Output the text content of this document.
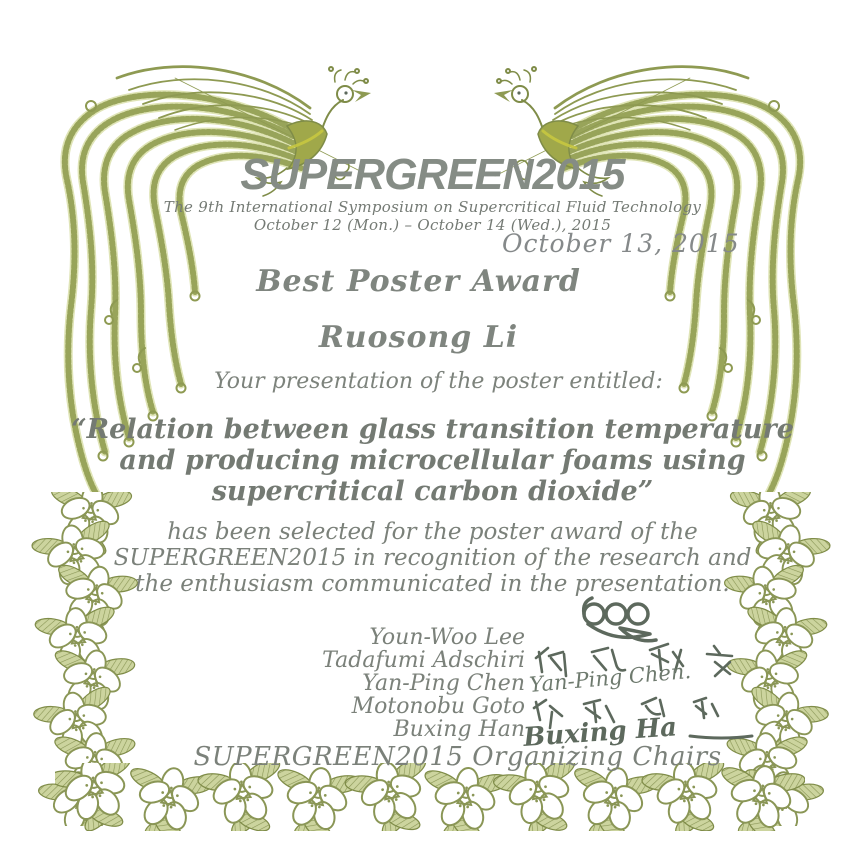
SUPERGREEN2015
The 9th International Symposium on Supercritical Fluid Technology
October 12 (Mon.) – October 14 (Wed.), 2015
October 13, 2015
Best Poster Award
Ruosong Li
Your presentation of the poster entitled:
“Relation between glass transition temperature
and producing microcellular foams using
supercritical carbon dioxide”
has been selected for the poster award of the
SUPERGREEN2015 in recognition of the research and
the enthusiasm communicated in the presentation.
Youn-Woo Lee
Tadafumi Adschiri
Yan-Ping Chen
Motonobu Goto
Buxing Han
Yan-Ping Chen.
Buxing Ha
SUPERGREEN2015 Organizing Chairs
